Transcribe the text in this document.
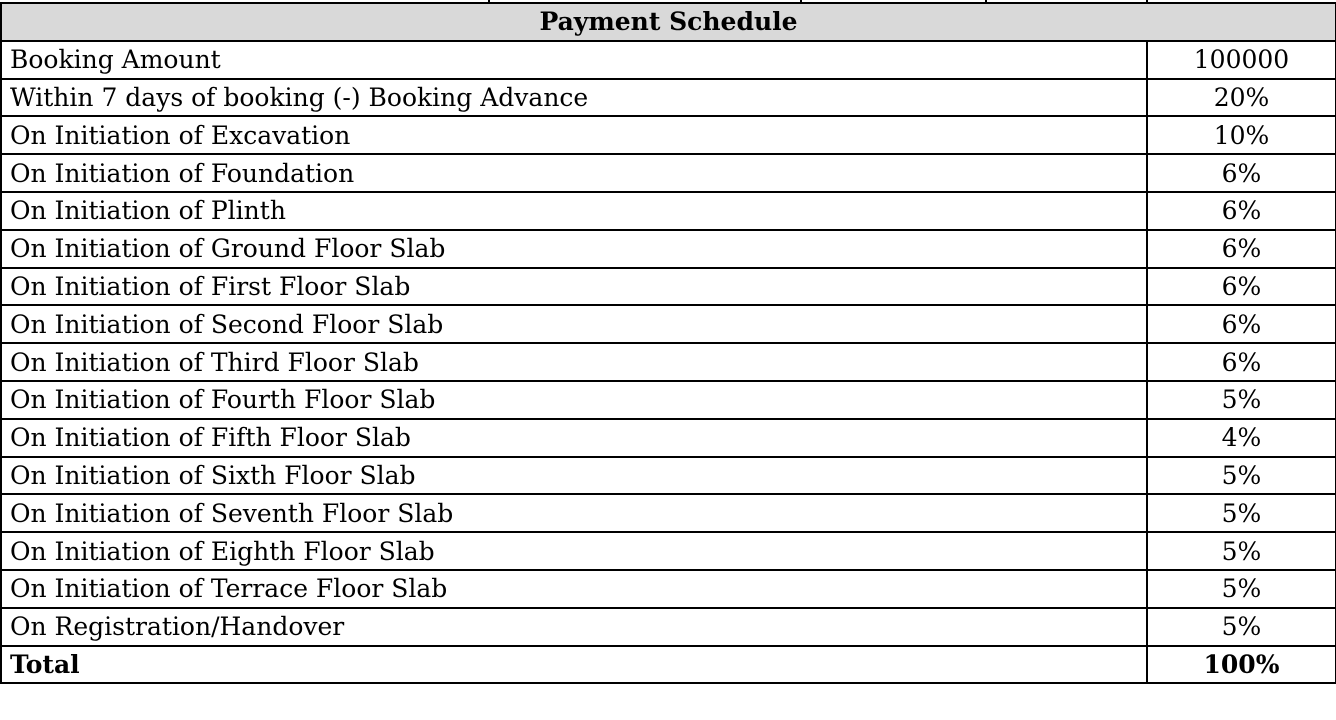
Payment Schedule	
Booking Amount	100000
Within 7 days of booking (-) Booking Advance	20%
On Initiation of Excavation	10%
On Initiation of Foundation	6%
On Initiation of Plinth	6%
On Initiation of Ground Floor Slab	6%
On Initiation of First Floor Slab	6%
On Initiation of Second Floor Slab	6%
On Initiation of Third Floor Slab	6%
On Initiation of Fourth Floor Slab	5%
On Initiation of Fifth Floor Slab	4%
On Initiation of Sixth Floor Slab	5%
On Initiation of Seventh Floor Slab	5%
On Initiation of Eighth Floor Slab	5%
On Initiation of Terrace Floor Slab	5%
On Registration/Handover	5%
Total	100%
